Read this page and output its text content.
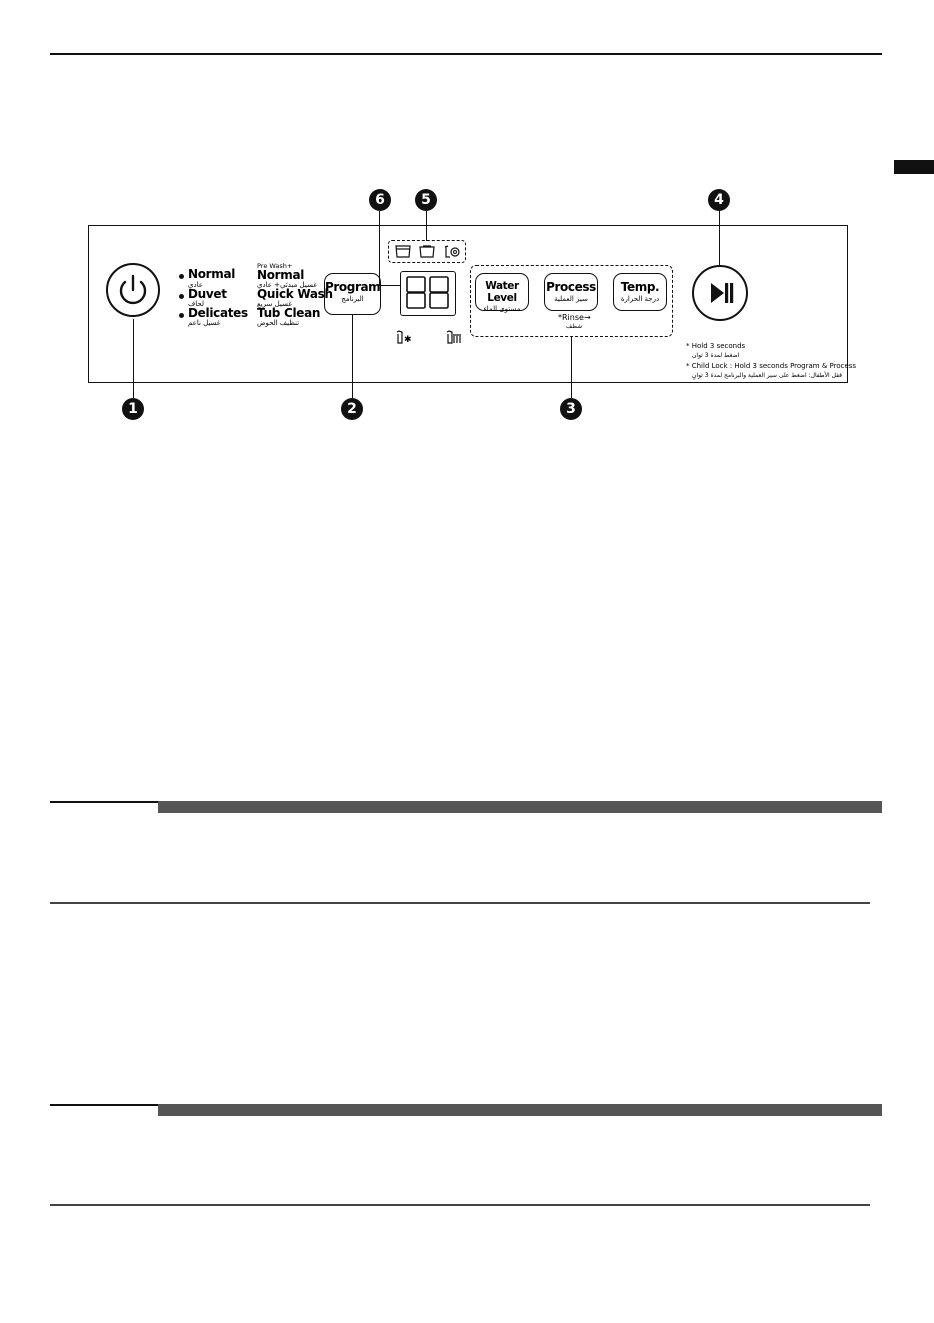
6	5	4
Normal
عادي
Duvet
لحاف
Delicates
غسيل ناعم
Pre Wash+
Normal
غسيل مبدئي+ عادي
Quick Wash
غسيل سريع
Tub Clean
تنظيف الحوض
Program
البرنامج
✱
Water Level
مستوى الماء
Process
سير العملية
Temp.
درجة الحرارة
*Rinse→
شطف
* Hold 3 seconds
اضغط لمدة 3 ثوان
* Child Lock : Hold 3 seconds Program & Process
قفل الأطفال: اضغط على سير العملية والبرنامج لمدة 3 ثوانٍ
1	2	3
